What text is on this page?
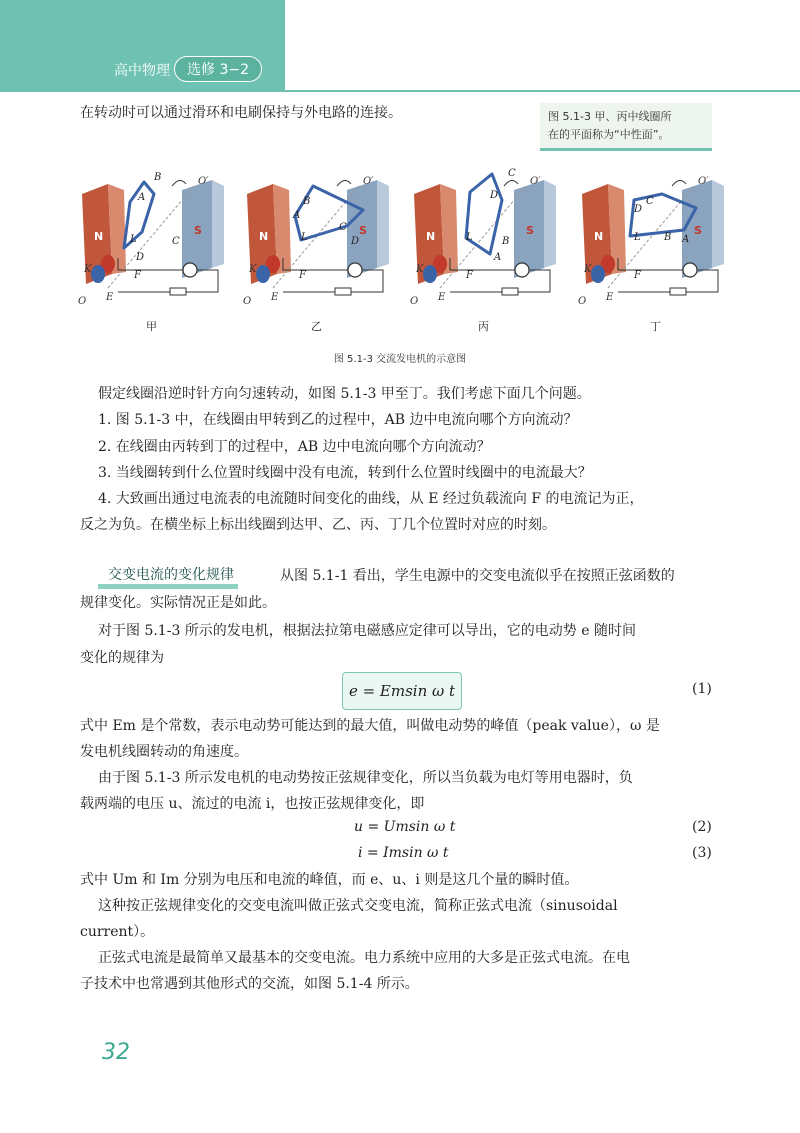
高中物理	选修 3−2
在转动时可以通过滑环和电刷保持与外电路的连接。	图 5.1-3 甲、丙中线圈所
在的平面称为“中性面”。
N	S
O′
O
K
E
F
B
A
C
D
L	N	S
O′
O
K
E
F
B
A
D
C
L	N	S
O′
O
K
E
F
C
D
B
A
L	N	S
O′
O
K
E
F
C
D
A
B
L
甲	乙	丙	丁
图 5.1-3 交流发电机的示意图
假定线圈沿逆时针方向匀速转动，如图 5.1-3 甲至丁。我们考虑下面几个问题。
1. 图 5.1-3 中，在线圈由甲转到乙的过程中，AB 边中电流向哪个方向流动？
2. 在线圈由丙转到丁的过程中，AB 边中电流向哪个方向流动？
3. 当线圈转到什么位置时线圈中没有电流，转到什么位置时线圈中的电流最大？
4. 大致画出通过电流表的电流随时间变化的曲线，从 E 经过负载流向 F 的电流记为正，
反之为负。在横坐标上标出线圈到达甲、乙、丙、丁几个位置时对应的时刻。
交变电流的变化规律	从图 5.1-1 看出，学生电源中的交变电流似乎在按照正弦函数的
规律变化。实际情况正是如此。
对于图 5.1-3 所示的发电机，根据法拉第电磁感应定律可以导出，它的电动势 e 随时间
变化的规律为
e = Emsin ω t	(1)
式中 Em 是个常数，表示电动势可能达到的最大值，叫做电动势的峰值（peak value），ω 是
发电机线圈转动的角速度。
由于图 5.1-3 所示发电机的电动势按正弦规律变化，所以当负载为电灯等用电器时，负
载两端的电压 u、流过的电流 i，也按正弦规律变化，即
u = Umsin ω t	(2)
i = Imsin ω t	(3)
式中 Um 和 Im 分别为电压和电流的峰值，而 e、u、i 则是这几个量的瞬时值。
这种按正弦规律变化的交变电流叫做正弦式交变电流，简称正弦式电流（sinusoidal
current）。
正弦式电流是最简单又最基本的交变电流。电力系统中应用的大多是正弦式电流。在电
子技术中也常遇到其他形式的交流，如图 5.1-4 所示。
32
